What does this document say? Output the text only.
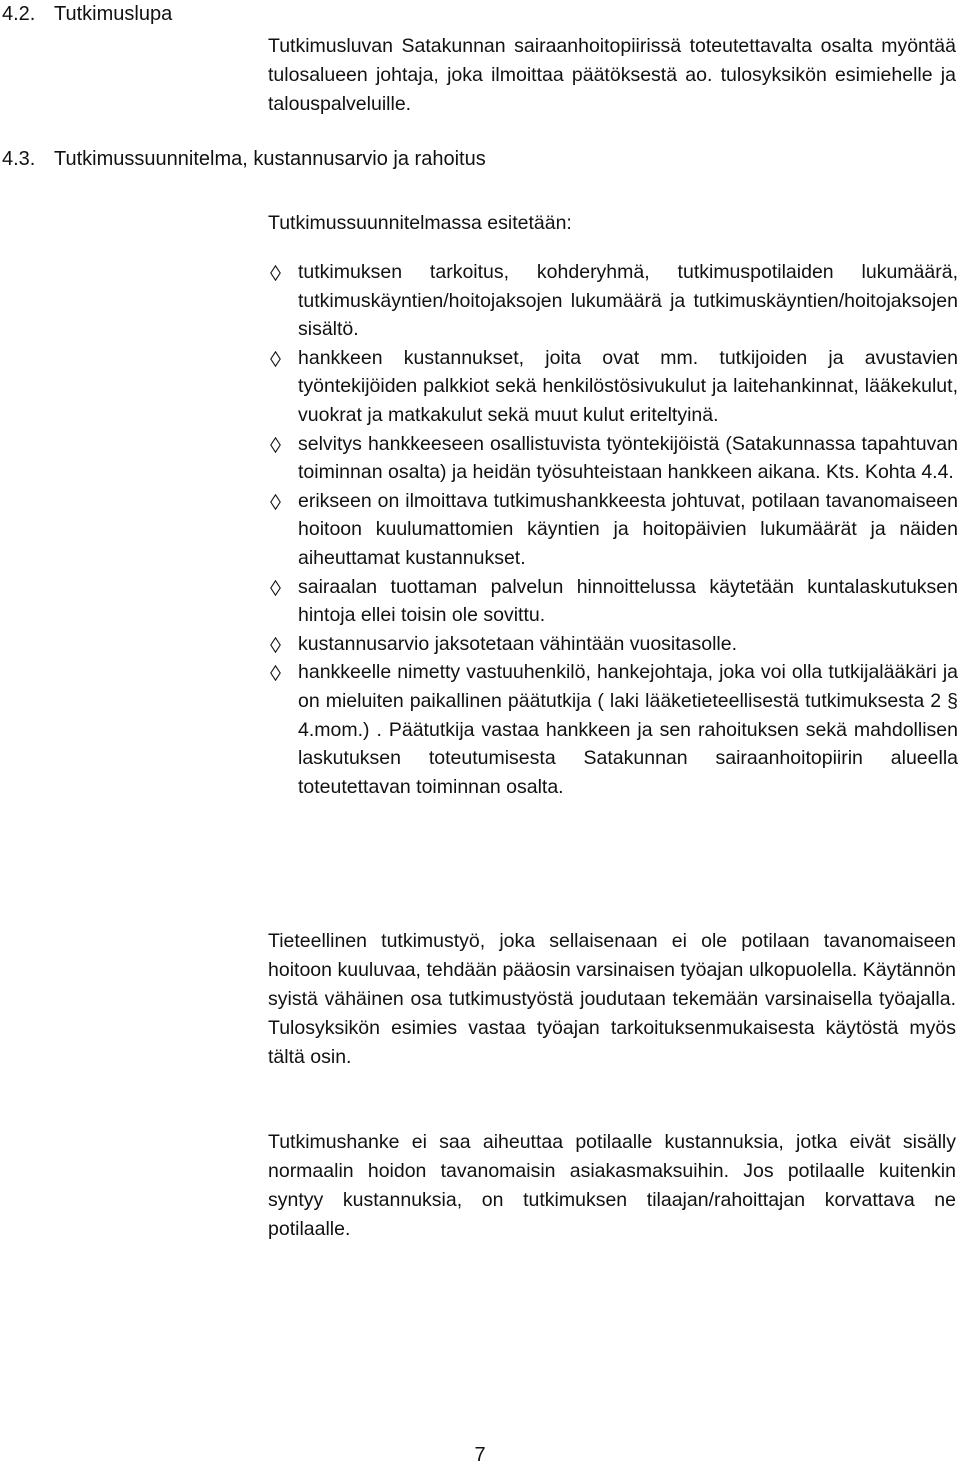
4.2. Tutkimuslupa
Tutkimusluvan Satakunnan sairaanhoitopiirissä toteutettavalta osalta myöntää tulosalueen johtaja, joka ilmoittaa päätöksestä ao. tulosyksikön esimiehelle ja talouspalveluille.
4.3. Tutkimussuunnitelma, kustannusarvio ja rahoitus
Tutkimussuunnitelmassa esitetään:
tutkimuksen tarkoitus, kohderyhmä, tutkimuspotilaiden lukumäärä, tutkimuskäyntien/hoitojaksojen lukumäärä ja tutkimuskäyntien/hoitojaksojen sisältö.
hankkeen kustannukset, joita ovat mm. tutkijoiden ja avustavien työntekijöiden palkkiot sekä henkilöstösivukulut ja laitehankinnat, lääkekulut, vuokrat ja matkakulut sekä muut kulut eriteltyinä.
selvitys hankkeeseen osallistuvista työntekijöistä (Satakunnassa tapahtuvan toiminnan osalta) ja heidän työsuhteistaan hankkeen aikana. Kts. Kohta 4.4.
erikseen on ilmoittava tutkimushankkeesta johtuvat, potilaan tavanomaiseen hoitoon kuulumattomien käyntien ja hoitopäivien lukumäärät ja näiden aiheuttamat kustannukset.
sairaalan tuottaman palvelun hinnoittelussa käytetään kuntalaskutuksen hintoja ellei toisin ole sovittu.
kustannusarvio jaksotetaan vähintään vuositasolle.
hankkeelle nimetty vastuuhenkilö, hankejohtaja, joka voi olla tutkijalääkäri ja on mieluiten paikallinen päätutkija ( laki lääketieteellisestä tutkimuksesta 2 § 4.mom.) . Päätutkija vastaa hankkeen ja sen rahoituksen sekä mahdollisen laskutuksen toteutumisesta Satakunnan sairaanhoitopiirin alueella toteutettavan toiminnan osalta.
Tieteellinen tutkimustyö, joka sellaisenaan ei ole potilaan tavanomaiseen hoitoon kuuluvaa, tehdään pääosin varsinaisen työajan ulkopuolella. Käytännön syistä vähäinen osa tutkimustyöstä joudutaan tekemään varsinaisella työajalla. Tulosyksikön esimies vastaa työajan tarkoituksenmukaisesta käytöstä myös tältä osin.
Tutkimushanke ei saa aiheuttaa potilaalle kustannuksia, jotka eivät sisälly normaalin hoidon tavanomaisin asiakasmaksuihin. Jos potilaalle kuitenkin syntyy kustannuksia, on tutkimuksen tilaajan/rahoittajan korvattava ne potilaalle.
7
